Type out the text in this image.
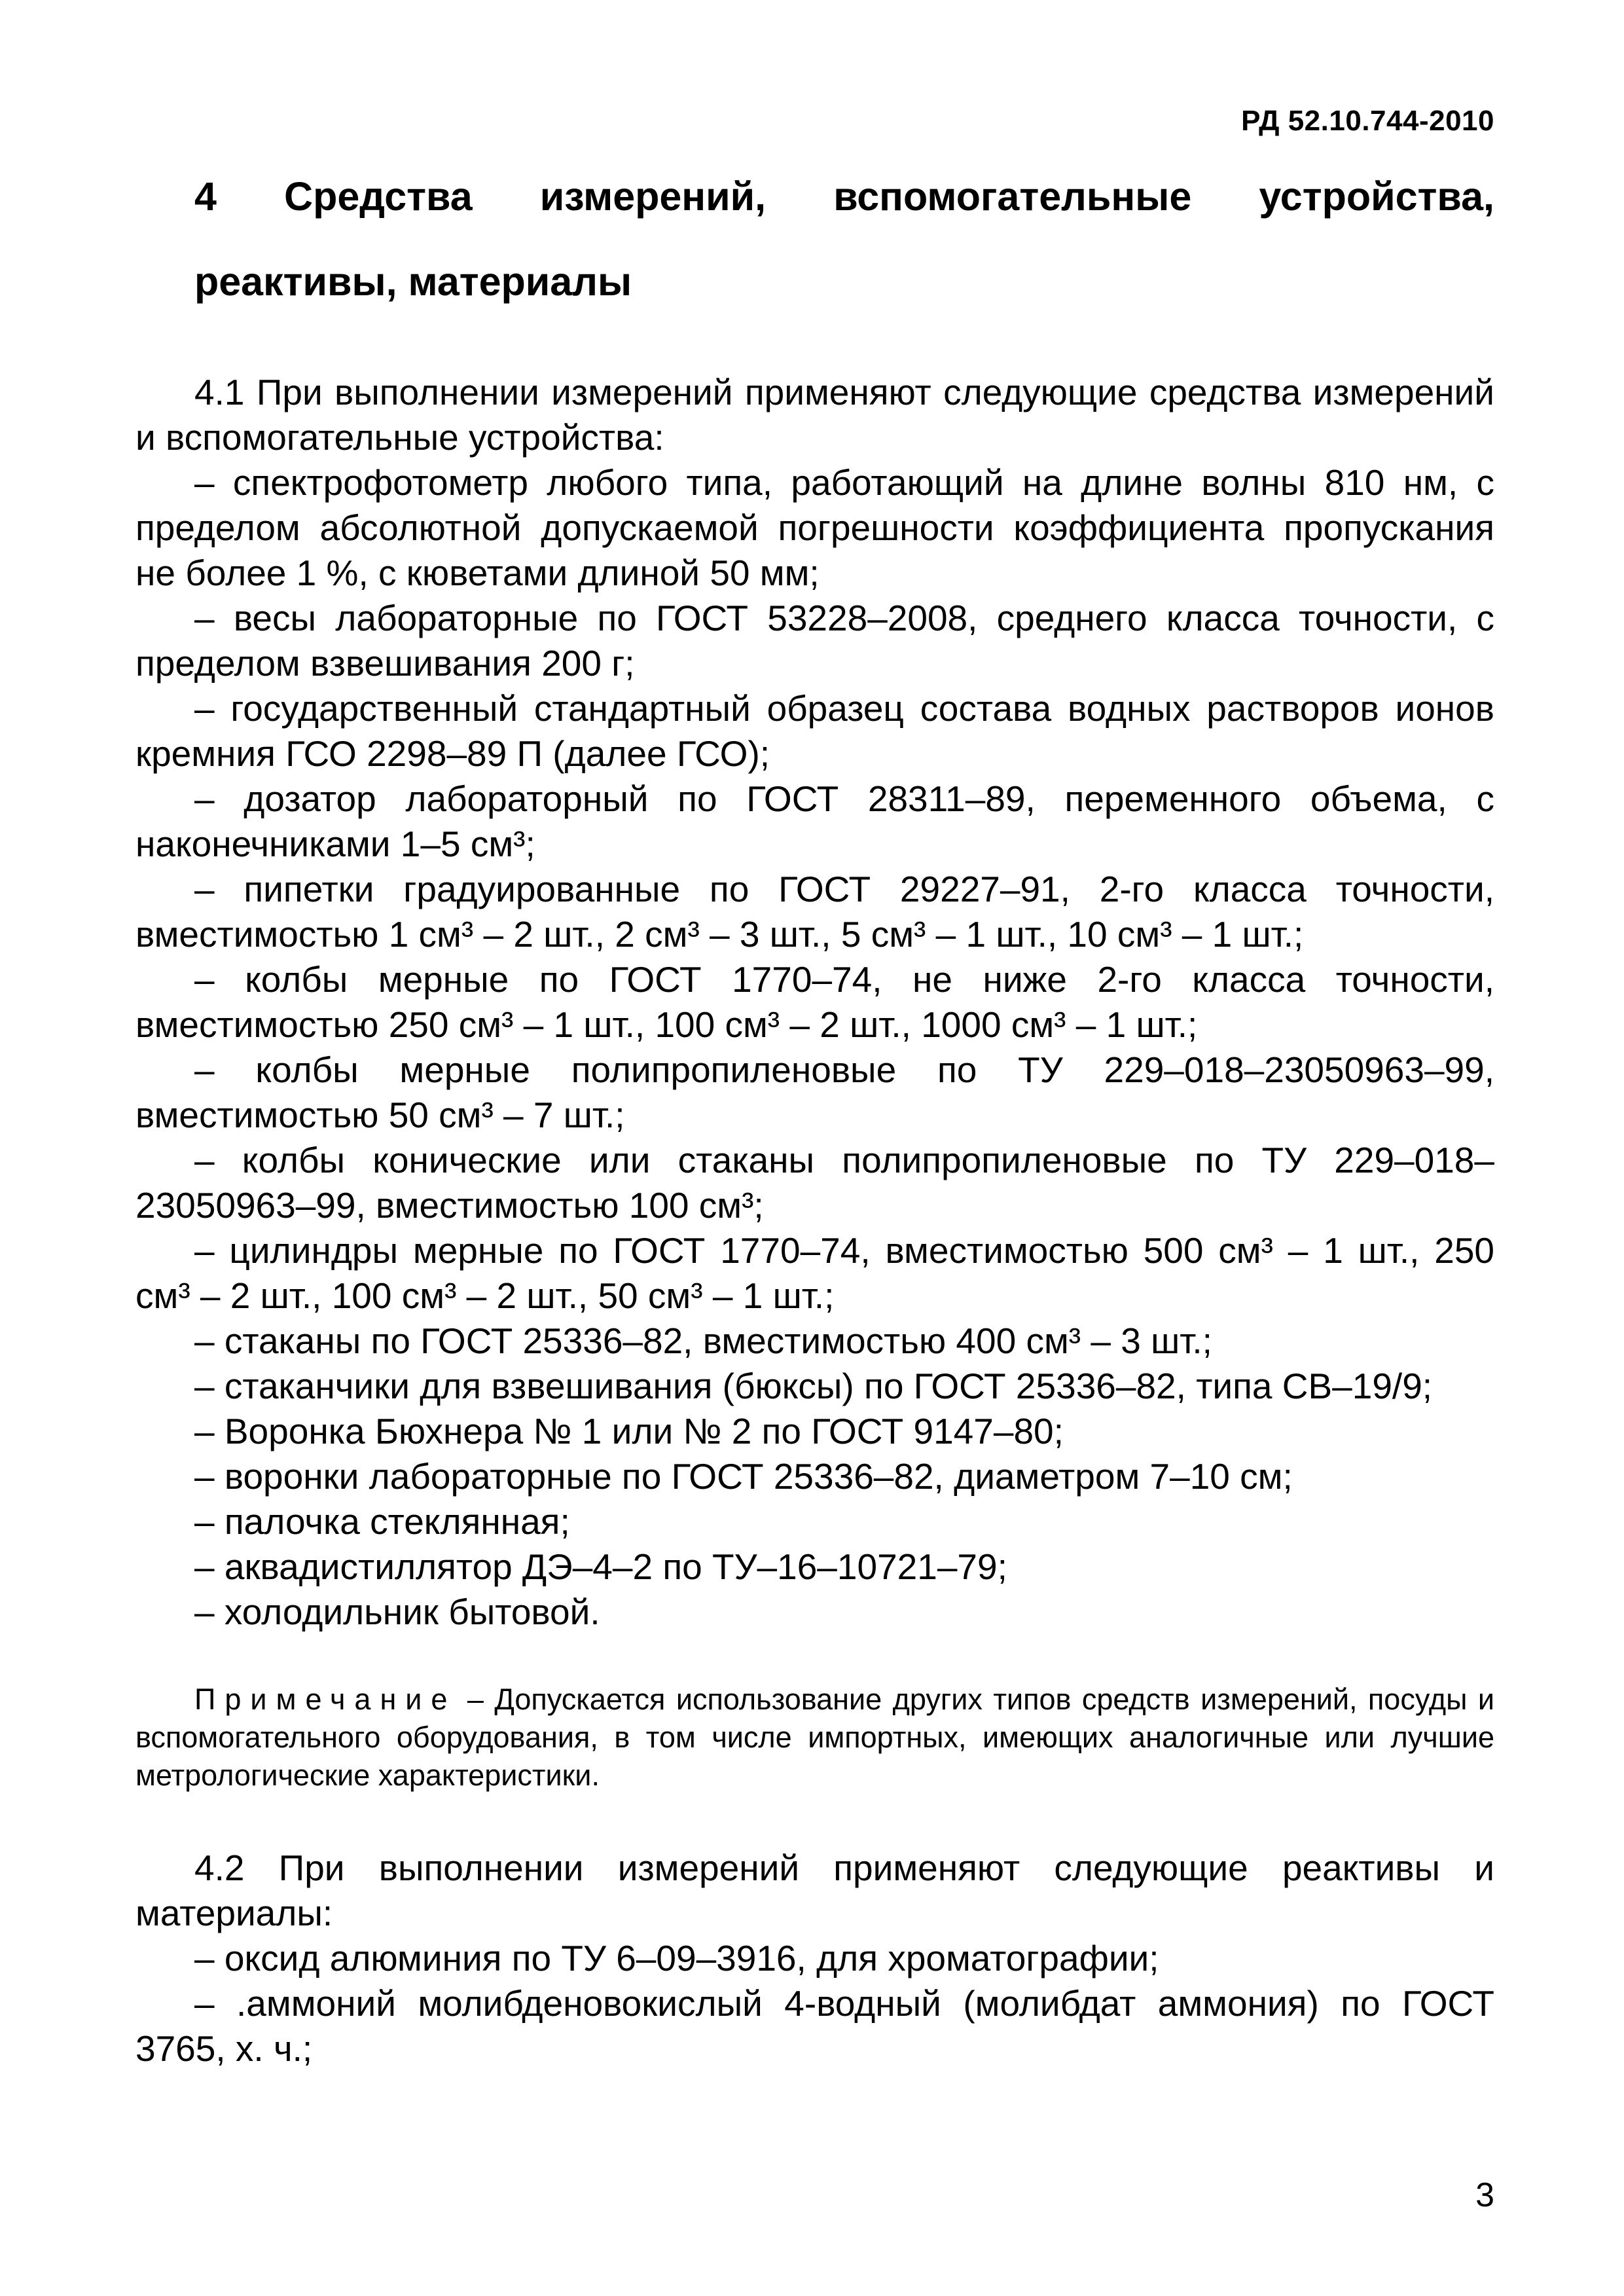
РД 52.10.744-2010
4 Средства измерений, вспомогательные устройства,
реактивы, материалы

4.1 При выполнении измерений применяют следующие средства измерений и вспомогательные устройства:

– спектрофотометр любого типа, работающий на длине волны 810 нм, с пределом абсолютной допускаемой погрешности коэффициента пропускания не более 1 %, с кюветами длиной 50 мм;
– весы лабораторные по ГОСТ 53228–2008, среднего класса точности, с пределом взвешивания 200 г;
– государственный стандартный образец состава водных растворов ионов кремния ГСО 2298–89 П (далее ГСО);
– дозатор лабораторный по ГОСТ 28311–89, переменного объема, с наконечниками 1–5 см³;
– пипетки градуированные по ГОСТ 29227–91, 2-го класса точности, вместимостью 1 см³ – 2 шт., 2 см³ – 3 шт., 5 см³ – 1 шт., 10 см³ – 1 шт.;
– колбы мерные по ГОСТ 1770–74, не ниже 2-го класса точности, вместимостью 250 см³ – 1 шт., 100 см³ – 2 шт., 1000 см³ – 1 шт.;
– колбы мерные полипропиленовые по ТУ 229–018–23050963–99, вместимостью 50 см³ – 7 шт.;
– колбы конические или стаканы полипропиленовые по ТУ 229–018–23050963–99, вместимостью 100 см³;
– цилиндры мерные по ГОСТ 1770–74, вместимостью 500 см³ – 1 шт., 250 см³ – 2 шт., 100 см³ – 2 шт., 50 см³ – 1 шт.;
– стаканы по ГОСТ 25336–82, вместимостью 400 см³ – 3 шт.;
– стаканчики для взвешивания (бюксы) по ГОСТ 25336–82, типа СВ–19/9;
– Воронка Бюхнера № 1 или № 2 по ГОСТ 9147–80;
– воронки лабораторные по ГОСТ 25336–82, диаметром 7–10 см;
– палочка стеклянная;
– аквадистиллятор ДЭ–4–2 по ТУ–16–10721–79;
– холодильник бытовой.

Примечание – Допускается использование других типов средств измерений, посуды и вспомогательного оборудования, в том числе импортных, имеющих аналогичные или лучшие метрологические характеристики.

4.2 При выполнении измерений применяют следующие реактивы и материалы:

– оксид алюминия по ТУ 6–09–3916, для хроматографии;
– .аммоний молибденовокислый 4-водный (молибдат аммония) по ГОСТ 3765, х. ч.;
3
